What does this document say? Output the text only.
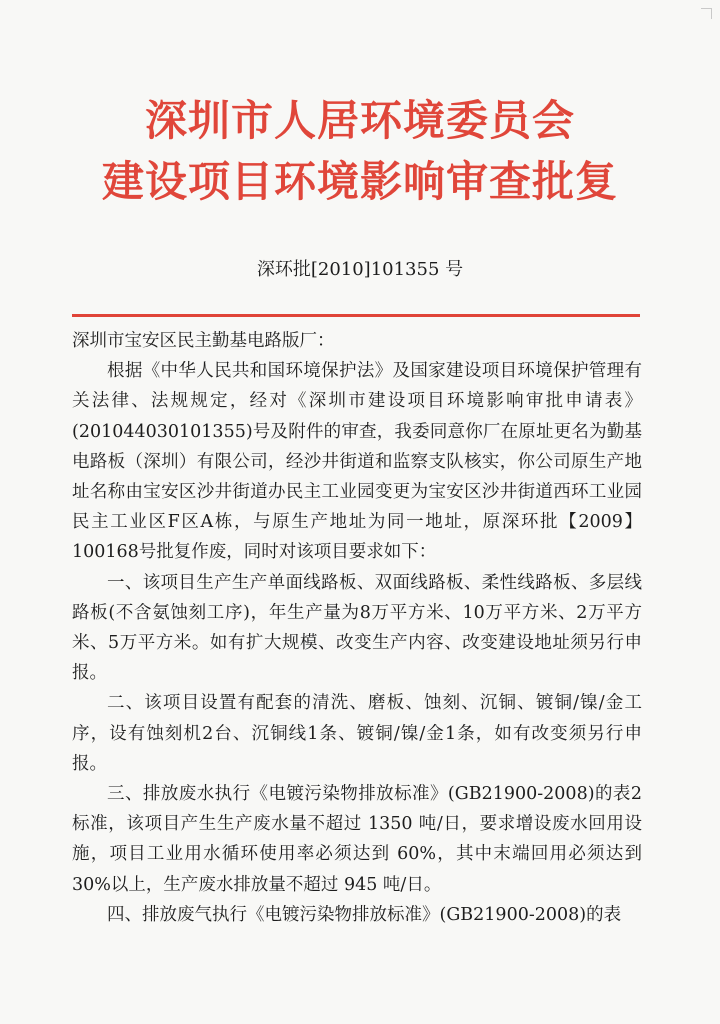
深圳市人居环境委员会
建设项目环境影响审查批复
深环批[2010]101355 号

深圳市宝安区民主勤基电路版厂：

根据《中华人民共和国环境保护法》及国家建设项目环境保护管理有关法律、法规规定，经对《深圳市建设项目环境影响审批申请表》(201044030101355)号及附件的审查，我委同意你厂在原址更名为勤基电路板（深圳）有限公司，经沙井街道和监察支队核实，你公司原生产地址名称由宝安区沙井街道办民主工业园变更为宝安区沙井街道西环工业园民主工业区F区A栋，与原生产地址为同一地址，原深环批【2009】100168号批复作废，同时对该项目要求如下：

一、该项目生产生产单面线路板、双面线路板、柔性线路板、多层线路板(不含氨蚀刻工序)，年生产量为8万平方米、10万平方米、2万平方米、5万平方米。如有扩大规模、改变生产内容、改变建设地址须另行申报。

二、该项目设置有配套的清洗、磨板、蚀刻、沉铜、镀铜/镍/金工序，设有蚀刻机2台、沉铜线1条、镀铜/镍/金1条，如有改变须另行申报。

三、排放废水执行《电镀污染物排放标准》(GB21900-2008)的表2标准，该项目产生生产废水量不超过 1350 吨/日，要求增设废水回用设施，项目工业用水循环使用率必须达到 60%，其中末端回用必须达到30%以上，生产废水排放量不超过 945 吨/日。

四、排放废气执行《电镀污染物排放标准》(GB21900-2008)的表
